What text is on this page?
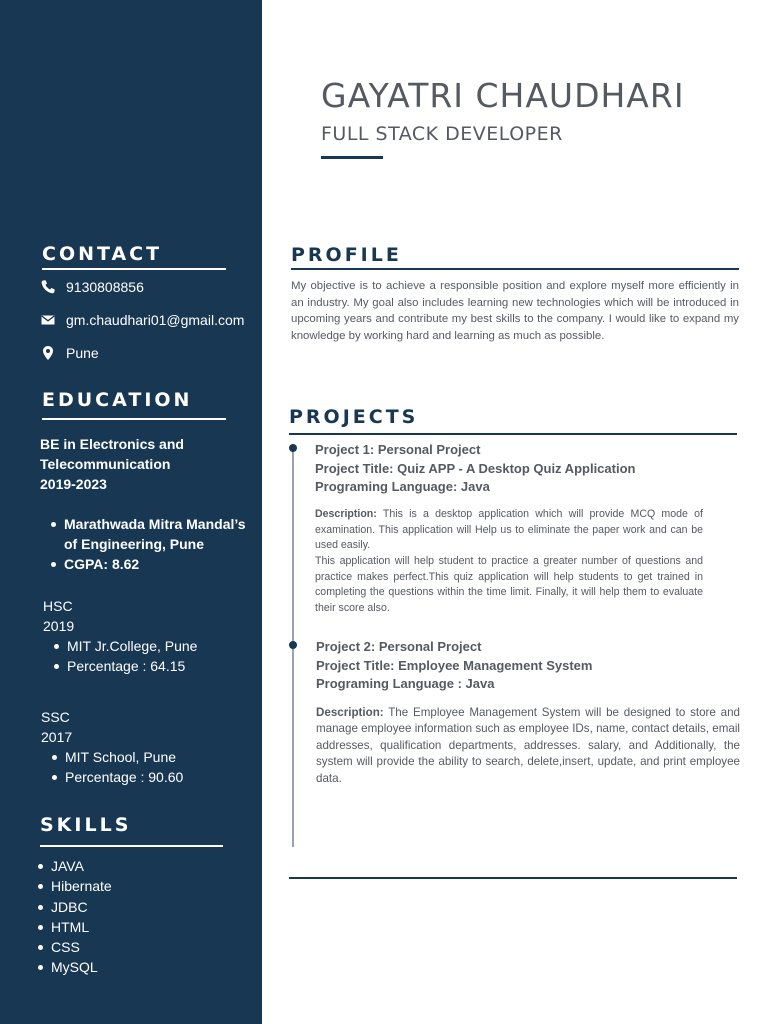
CONTACT
9130808856
gm.chaudhari01@gmail.com
Pune
EDUCATION
BE in Electronics and
Telecommunication
2019-2023
Marathwada Mitra Mandal’s of Engineering, Pune
CGPA: 8.62
HSC
2019
MIT Jr.College, Pune
Percentage : 64.15
SSC
2017
MIT School, Pune
Percentage : 90.60
SKILLS
JAVA
Hibernate
JDBC
HTML
CSS
MySQL
GAYATRI CHAUDHARI
FULL STACK DEVELOPER
PROFILE

My objective is to achieve a responsible position and explore myself more efficiently in an industry. My goal also includes learning new technologies which will be introduced in upcoming years and contribute my best skills to the company. I would like to expand my knowledge by working hard and learning as much as possible.

PROJECTS
Project 1: Personal Project
Project Title: Quiz APP - A Desktop Quiz Application
Programing Language: Java

Description: This is a desktop application which will provide MCQ mode of examination. This application will Help us to eliminate the paper work and can be used easily.

This application will help student to practice a greater number of questions and practice makes perfect.This quiz application will help students to get trained in completing the questions within the time limit. Finally, it will help them to evaluate their score also.

Project 2: Personal Project
Project Title: Employee Management System
Programing Language : Java

Description: The Employee Management System will be designed to store and manage employee information such as employee IDs, name, contact details, email addresses, qualification departments, addresses. salary, and Additionally, the system will provide the ability to search, delete,insert, update, and print employee data.
